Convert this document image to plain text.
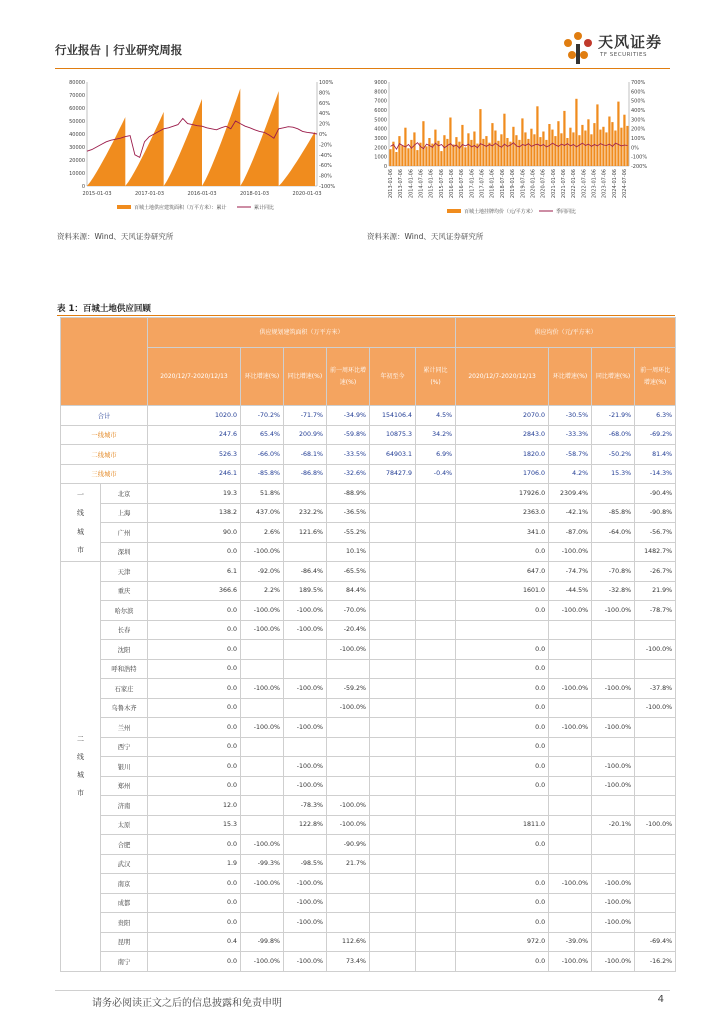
行业报告 | 行业研究周报	天风证券
TF SECURITIES
0
10000
20000
30000
40000
50000
60000
70000
80000	100%
80%
60%
40%
20%
0%
-20%
-40%
-60%
-80%
-100%
2015-01-03	2017-01-03	2016-01-03	2018-01-03	2020-01-03
百城土地供应建筑面积（万平方米）：累计	累计同比
0
1000
2000
3000
4000
5000
6000
7000
8000
9000	700%
600%
500%
400%
300%
200%
100%
0%
-100%
-200%
2013-01-06 2013-07-06 2014-01-06 2014-07-06 2015-01-06 2015-07-06 2016-01-06 2016-07-06 2017-01-06 2017-07-06 2018-01-06 2018-07-06 2019-01-06 2019-07-06 2020-01-06 2020-07-06 2021-01-06 2021-07-06 2022-01-06 2022-07-06 2023-01-06 2023-07-06 2024-01-06 2024-07-06
百城土地挂牌均价（元/平方米）	季同同比
资料来源：Wind、天风证券研究所	资料来源：Wind、天风证券研究所
表 1：百城土地供应回顾
		供应规划建筑面积（万平方米）						供应均价（元/平方米）			
		2020/12/7-2020/12/13	环比增速(%)	同比增速(%)	前一周环比增速(%)	年初至今	累计同比(%)	2020/12/7-2020/12/13	环比增速(%)	同比增速(%)	前一周环比增速(%)
合计		1020.0	-70.2%	-71.7%	-34.9%	154106.4	4.5%	2070.0	-30.5%	-21.9%	6.3%
一线城市		247.6	65.4%	200.9%	-59.8%	10875.3	34.2%	2843.0	-33.3%	-68.0%	-69.2%
二线城市		526.3	-66.0%	-68.1%	-33.5%	64903.1	6.9%	1820.0	-58.7%	-50.2%	81.4%
三线城市		246.1	-85.8%	-86.8%	-32.6%	78427.9	-0.4%	1706.0	4.2%	15.3%	-14.3%
一线城市	北京	19.3	51.8%		-88.9%			17926.0	2309.4%		-90.4%
	上海	138.2	437.0%	232.2%	-36.5%			2363.0	-42.1%	-85.8%	-90.8%
	广州	90.0	2.6%	121.6%	-55.2%			341.0	-87.0%	-64.0%	-56.7%
	深圳	0.0	-100.0%		10.1%			0.0	-100.0%		1482.7%
二线城市	天津	6.1	-92.0%	-86.4%	-65.5%			647.0	-74.7%	-70.8%	-26.7%
	重庆	366.6	2.2%	189.5%	84.4%			1601.0	-44.5%	-32.8%	21.9%
	哈尔滨	0.0	-100.0%	-100.0%	-70.0%			0.0	-100.0%	-100.0%	-78.7%
	长春	0.0	-100.0%	-100.0%	-20.4%						
	沈阳	0.0			-100.0%			0.0			-100.0%
	呼和浩特	0.0						0.0			
	石家庄	0.0	-100.0%	-100.0%	-59.2%			0.0	-100.0%	-100.0%	-37.8%
	乌鲁木齐	0.0			-100.0%			0.0			-100.0%
	兰州	0.0	-100.0%	-100.0%				0.0	-100.0%	-100.0%	
	西宁	0.0						0.0			
	银川	0.0		-100.0%				0.0		-100.0%	
	郑州	0.0		-100.0%				0.0		-100.0%	
	济南	12.0		-78.3%	-100.0%						
	太原	15.3		122.8%	-100.0%			1811.0		-20.1%	-100.0%
	合肥	0.0	-100.0%		-90.9%			0.0			
	武汉	1.9	-99.3%	-98.5%	21.7%						
	南京	0.0	-100.0%	-100.0%				0.0	-100.0%	-100.0%	
	成都	0.0		-100.0%				0.0		-100.0%	
	贵阳	0.0		-100.0%				0.0		-100.0%	
	昆明	0.4	-99.8%		112.6%			972.0	-39.0%		-69.4%
	南宁	0.0	-100.0%	-100.0%	73.4%			0.0	-100.0%	-100.0%	-16.2%
请务必阅读正文之后的信息披露和免责申明	4
